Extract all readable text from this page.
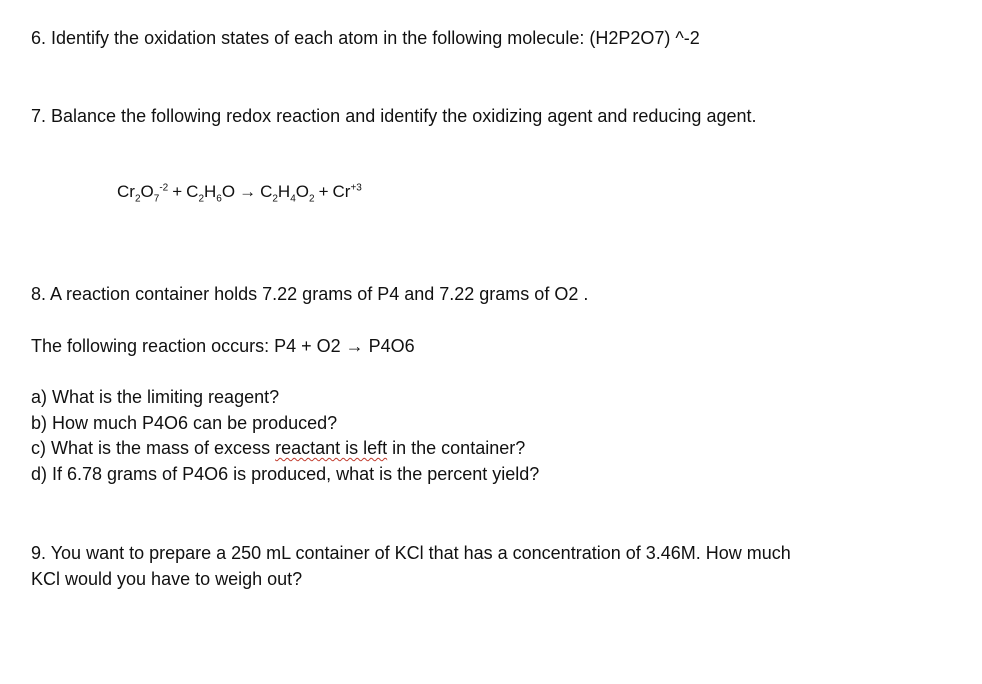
6. Identify the oxidation states of each atom in the following molecule: (H2P2O7) ^-2
7. Balance the following redox reaction and identify the oxidizing agent and reducing agent.
$Cr_2O_7^{-2} + C_2H_6O \to C_2H_4O_2 + Cr^{+3}$
8. A reaction container holds 7.22 grams of P4 and 7.22 grams of O2 .
The following reaction occurs: P4 + O2 → P4O6
a) What is the limiting reagent?
b) How much P4O6 can be produced?
c) What is the mass of excess reactant is left in the container?
d) If 6.78 grams of P4O6 is produced, what is the percent yield?
9. You want to prepare a 250 mL container of KCl that has a concentration of 3.46M. How much
KCl would you have to weigh out?
